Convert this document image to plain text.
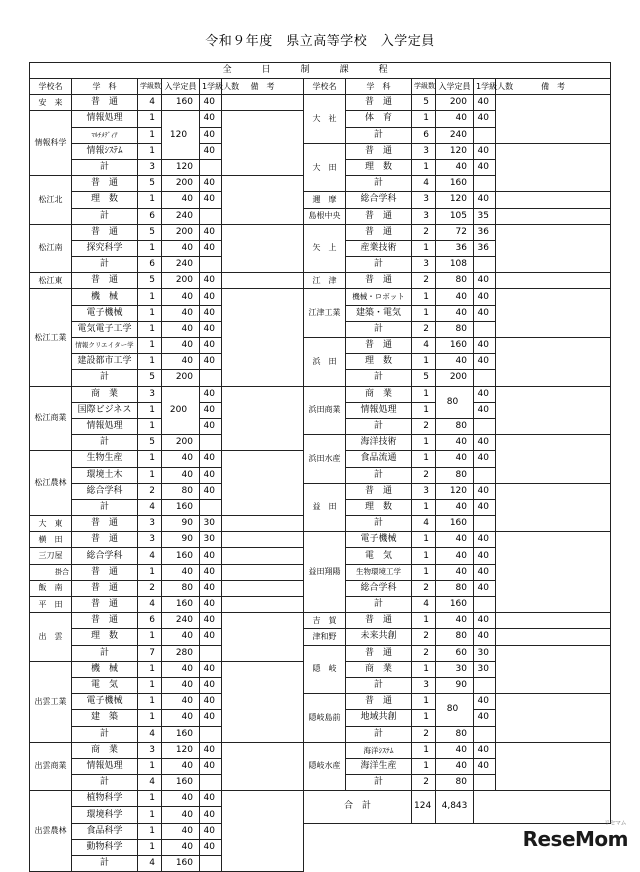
令和９年度　県立高等学校　入学定員
全日制課程											
学校名	学　科	学級数	入学定員	1学級人数	備　考	学校名	学　科	学級数	入学定員	1学級人数	備　考
安　来	普　通	4	160	40		大　社	普　通	5	200	40	
情報科学	情報処理	1	120	40			体　育	1	40	40	
	ﾏﾙﾁﾒﾃﾞｨｱ	1		40			計	6	240		
	情報ｼｽﾃﾑ	1		40		大　田	普　通	3	120	40	
	計	3	120				理　数	1	40	40	
松江北	普　通	5	200	40			計	4	160		
	理　数	1	40	40		邇　摩	総合学科	3	120	40	
	計	6	240			島根中央	普　通	3	105	35	
松江南	普　通	5	200	40		矢　上	普　通	2	72	36	
	探究科学	1	40	40			産業技術	1	36	36	
	計	6	240				計	3	108		
松江東	普　通	5	200	40		江　津	普　通	2	80	40	
松江工業	機　械	1	40	40		江津工業	機械・ロボット	1	40	40	
	電子機械	1	40	40			建築・電気	1	40	40	
	電気電子工学	1	40	40			計	2	80		
	情報クリエイター学	1	40	40		浜　田	普　通	4	160	40	
	建設都市工学	1	40	40			理　数	1	40	40	
	計	5	200				計	5	200		
松江商業	商　業	3	200	40		浜田商業	商　業	1	80	40	
	国際ビジネス	1		40			情報処理	1		40	
	情報処理	1		40			計	2	80		
	計	5	200			浜田水産	海洋技術	1	40	40	
松江農林	生物生産	1	40	40			食品流通	1	40	40	
	環境土木	1	40	40			計	2	80		
	総合学科	2	80	40		益　田	普　通	3	120	40	
	計	4	160				理　数	1	40	40	
大　東	普　通	3	90	30			計	4	160		
横　田	普　通	3	90	30		益田翔陽	電子機械	1	40	40	
三刀屋	総合学科	4	160	40			電　気	1	40	40	
掛合	普　通	1	40	40			生物環境工学	1	40	40	
飯　南	普　通	2	80	40			総合学科	2	80	40	
平　田	普　通	4	160	40			計	4	160		
出　雲	普　通	6	240	40		吉　賀	普　通	1	40	40	
	理　数	1	40	40		津和野	未来共創	2	80	40	
	計	7	280			隠　岐	普　通	2	60	30	
出雲工業	機　械	1	40	40			商　業	1	30	30	
	電　気	1	40	40			計	3	90		
	電子機械	1	40	40		隠岐島前	普　通	1	80	40	
	建　築	1	40	40			地域共創	1		40	
	計	4	160				計	2	80		
出雲商業	商　業	3	120	40		隠岐水産	海洋ｼｽﾃﾑ	1	40	40	
	情報処理	1	40	40			海洋生産	1	40	40	
	計	4	160				計	2	80		
出雲農林	植物科学	1	40	40		合　計		124	4,843		
	環境科学	1	40	40							
	食品科学	1	40	40							
	動物科学	1	40	40							
	計	4	160								
リセマム
ReseMom
